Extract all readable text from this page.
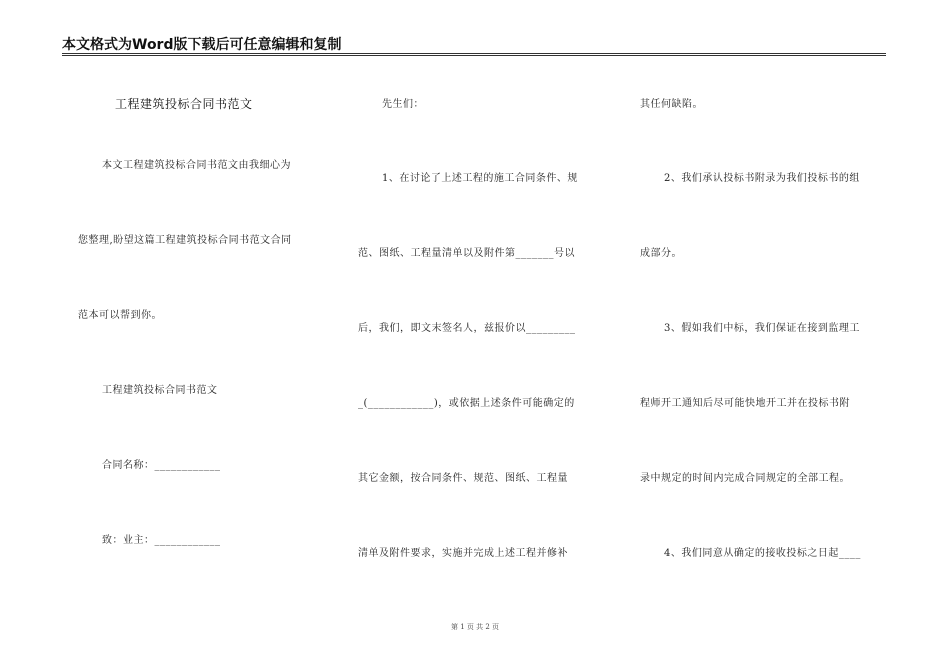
本文格式为Word版下载后可任意编辑和复制
工程建筑投标合同书范文
本文工程建筑投标合同书范文由我细心为
您整理,盼望这篇工程建筑投标合同书范文合同
范本可以帮到你。
工程建筑投标合同书范文
合同名称：____________
致：业主：____________
先生们：
1、在讨论了上述工程的施工合同条件、规
范、图纸、工程量清单以及附件第_______号以
后，我们，即文末签名人，兹报价以_________
_(____________)，或依据上述条件可能确定的
其它金额，按合同条件、规范、图纸、工程量
清单及附件要求，实施并完成上述工程并修补
其任何缺陷。
2、我们承认投标书附录为我们投标书的组
成部分。
3、假如我们中标，我们保证在接到监理工
程师开工通知后尽可能快地开工并在投标书附
录中规定的时间内完成合同规定的全部工程。
4、我们同意从确定的接收投标之日起____
第 1 页 共 2 页
